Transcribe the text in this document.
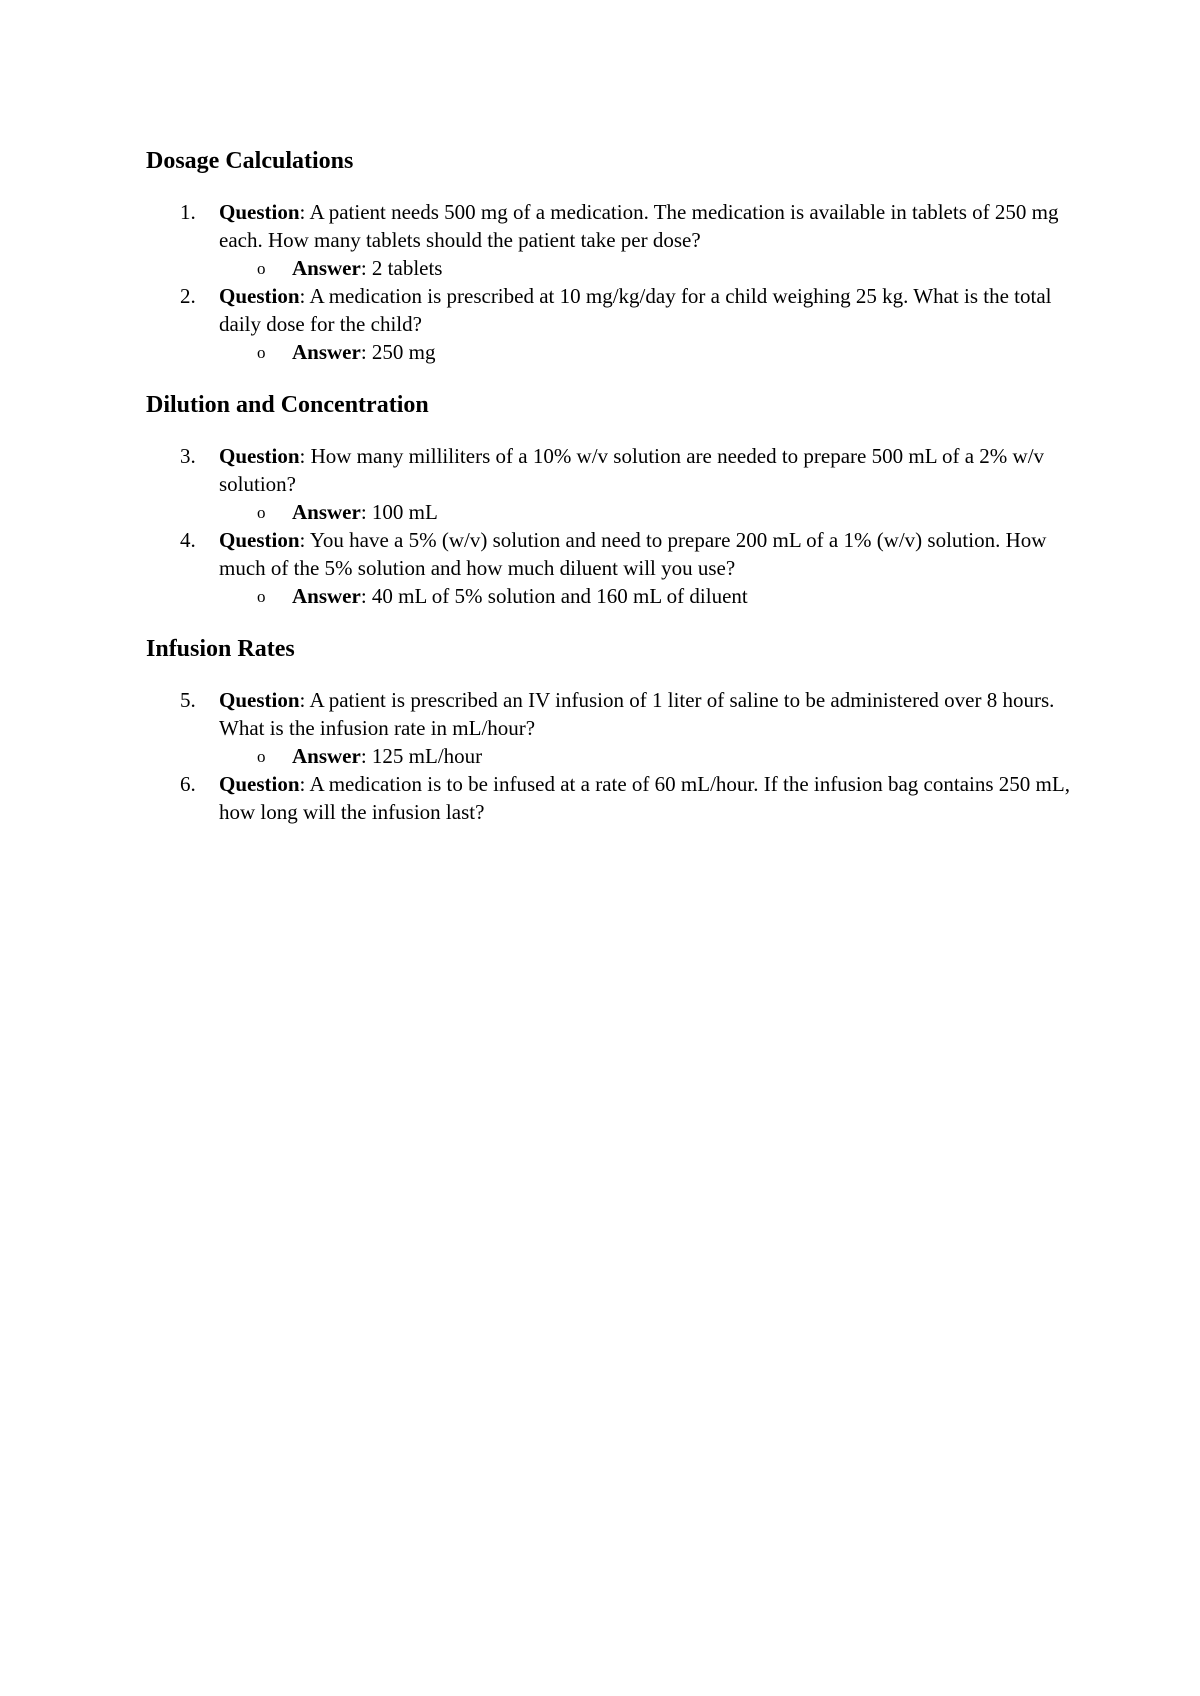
Dosage Calculations
1. Question: A patient needs 500 mg of a medication. The medication is available in tablets of 250 mg each. How many tablets should the patient take per dose?
o Answer: 2 tablets
2. Question: A medication is prescribed at 10 mg/kg/day for a child weighing 25 kg. What is the total daily dose for the child?
o Answer: 250 mg
Dilution and Concentration
3. Question: How many milliliters of a 10% w/v solution are needed to prepare 500 mL of a 2% w/v solution?
o Answer: 100 mL
4. Question: You have a 5% (w/v) solution and need to prepare 200 mL of a 1% (w/v) solution. How much of the 5% solution and how much diluent will you use?
o Answer: 40 mL of 5% solution and 160 mL of diluent
Infusion Rates
5. Question: A patient is prescribed an IV infusion of 1 liter of saline to be administered over 8 hours. What is the infusion rate in mL/hour?
o Answer: 125 mL/hour
6. Question: A medication is to be infused at a rate of 60 mL/hour. If the infusion bag contains 250 mL, how long will the infusion last?
